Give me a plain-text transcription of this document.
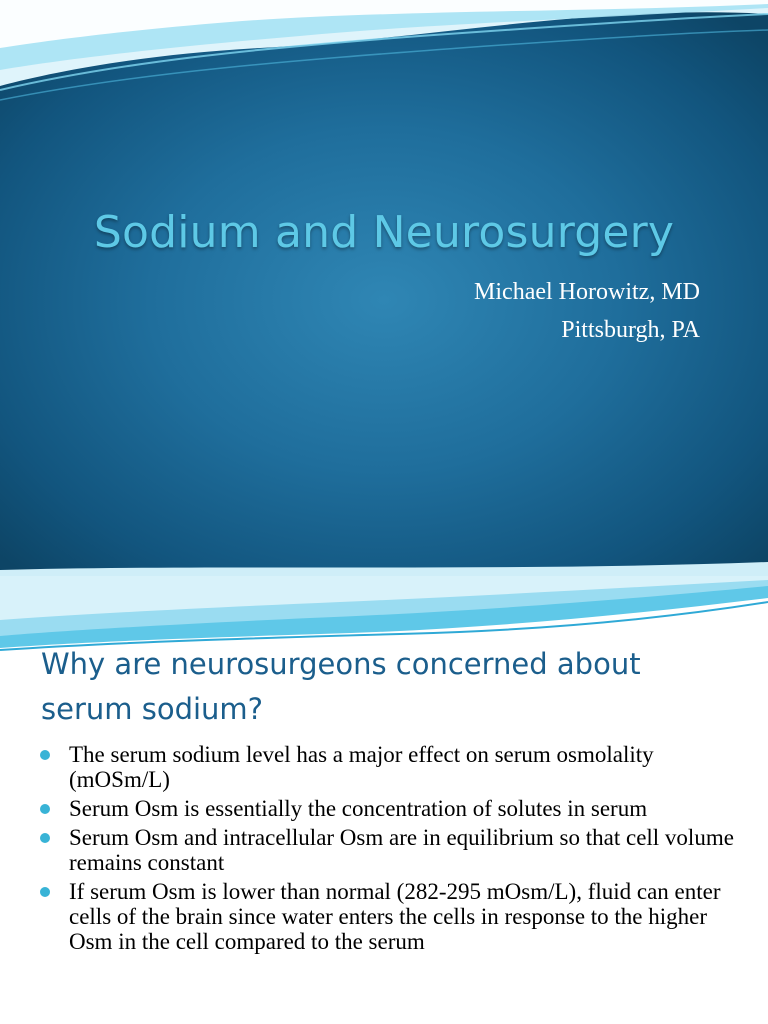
Sodium and Neurosurgery
Michael Horowitz, MD
Pittsburgh, PA
Why are neurosurgeons concerned about
serum sodium?
The serum sodium level has a major effect on serum osmolality (mOSm/L)
Serum Osm is essentially the concentration of solutes in serum
Serum Osm and intracellular Osm are in equilibrium so that cell volume remains constant
If serum Osm is lower than normal (282-295 mOsm/L), fluid can enter cells of the brain since water enters the cells in response to the higher Osm in the cell compared to the serum
